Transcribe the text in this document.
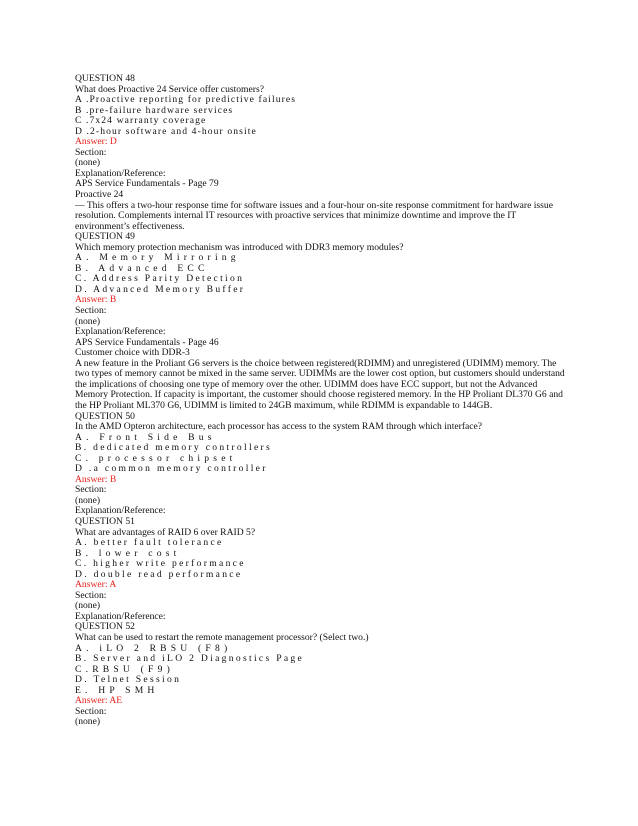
QUESTION 48
What does Proactive 24 Service offer customers?
A .Proactive reporting for predictive failures
B .pre-failure hardware services
C .7x24 warranty coverage
D .2-hour software and 4-hour onsite
Answer: D
Section:
(none)
Explanation/Reference:
APS Service Fundamentals - Page 79
Proactive 24
— This offers a two-hour response time for software issues and a four-hour on-site response commitment for hardware issue resolution. Complements internal IT resources with proactive services that minimize downtime and improve the IT environment’s effectiveness.
QUESTION 49
Which memory protection mechanism was introduced with DDR3 memory modules?
A. Memory Mirroring
B. Advanced ECC
C. Address Parity Detection
D. Advanced Memory Buffer
Answer: B
Section:
(none)
Explanation/Reference:
APS Service Fundamentals - Page 46
Customer choice with DDR-3
A new feature in the Proliant G6 servers is the choice between registered(RDIMM) and unregistered (UDIMM) memory. The two types of memory cannot be mixed in the same server. UDIMMs are the lower cost option, but customers should understand the implications of choosing one type of memory over the other. UDIMM does have ECC support, but not the Advanced Memory Protection. If capacity is important, the customer should choose registered memory. In the HP Proliant DL370 G6 and the HP Proliant ML370 G6, UDIMM is limited to 24GB maximum, while RDIMM is expandable to 144GB.
QUESTION 50
In the AMD Opteron architecture, each processor has access to the system RAM through which interface?
A. Front Side Bus
B. dedicated memory controllers
C. processor chipset
D .a common memory controller
Answer: B
Section:
(none)
Explanation/Reference:
QUESTION 51
What are advantages of RAID 6 over RAID 5?
A. better fault tolerance
B. lower cost
C. higher write performance
D. double read performance
Answer: A
Section:
(none)
Explanation/Reference:
QUESTION 52
What can be used to restart the remote management processor? (Select two.)
A. iLO 2 RBSU (F8)
B. Server and iLO 2 Diagnostics Page
C.RBSU (F9)
D. Telnet Session
E. HP SMH
Answer: AE
Section:
(none)
